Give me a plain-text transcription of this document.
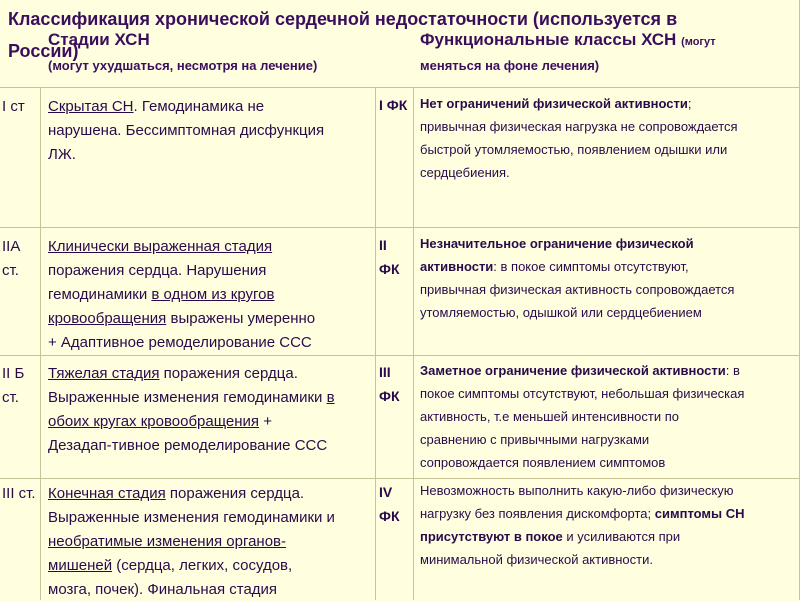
Классификация хронической сердечной недостаточности (используется в
России)
Стадии ХСН
(могут ухудшаться, несмотря на лечение)
Функциональные классы ХСН (могут
меняться на фоне лечения)
I ст Скрытая СН. Гемодинамика не
нарушена. Бессимптомная дисфункция
ЛЖ.
I ФК Нет ограничений физической активности;
привычная физическая нагрузка не сопровождается
быстрой утомляемостью, появлением одышки или
сердцебиения.
IIА
ст.
Клинически выраженная стадия
поражения сердца. Нарушения
гемодинамики в одном из кругов
кровообращения выражены умеренно
+ Адаптивное ремоделирование ССС
II
ФК
Незначительное ограничение физической
активности: в покое симптомы отсутствуют,
привычная физическая активность сопровождается
утомляемостью, одышкой или сердцебиением
II Б
ст.
Тяжелая стадия поражения сердца.
Выраженные изменения гемодинамики в
обоих кругах кровообращения +
Дезадап-тивное ремоделирование ССС
III
ФК
Заметное ограничение физической активности: в
покое симптомы отсутствуют, небольшая физическая
активность, т.е меньшей интенсивности по
сравнению с привычными нагрузками
сопровождается появлением симптомов
III ст. Конечная стадия поражения сердца.
Выраженные изменения гемодинамики и
необратимые изменения органов-
мишеней (сердца, легких, сосудов,
мозга, почек). Финальная стадия
IV
ФК
Невозможность выполнить какую-либо физическую
нагрузку без появления дискомфорта; симптомы СН
присутствуют в покое и усиливаются при
минимальной физической активности.
